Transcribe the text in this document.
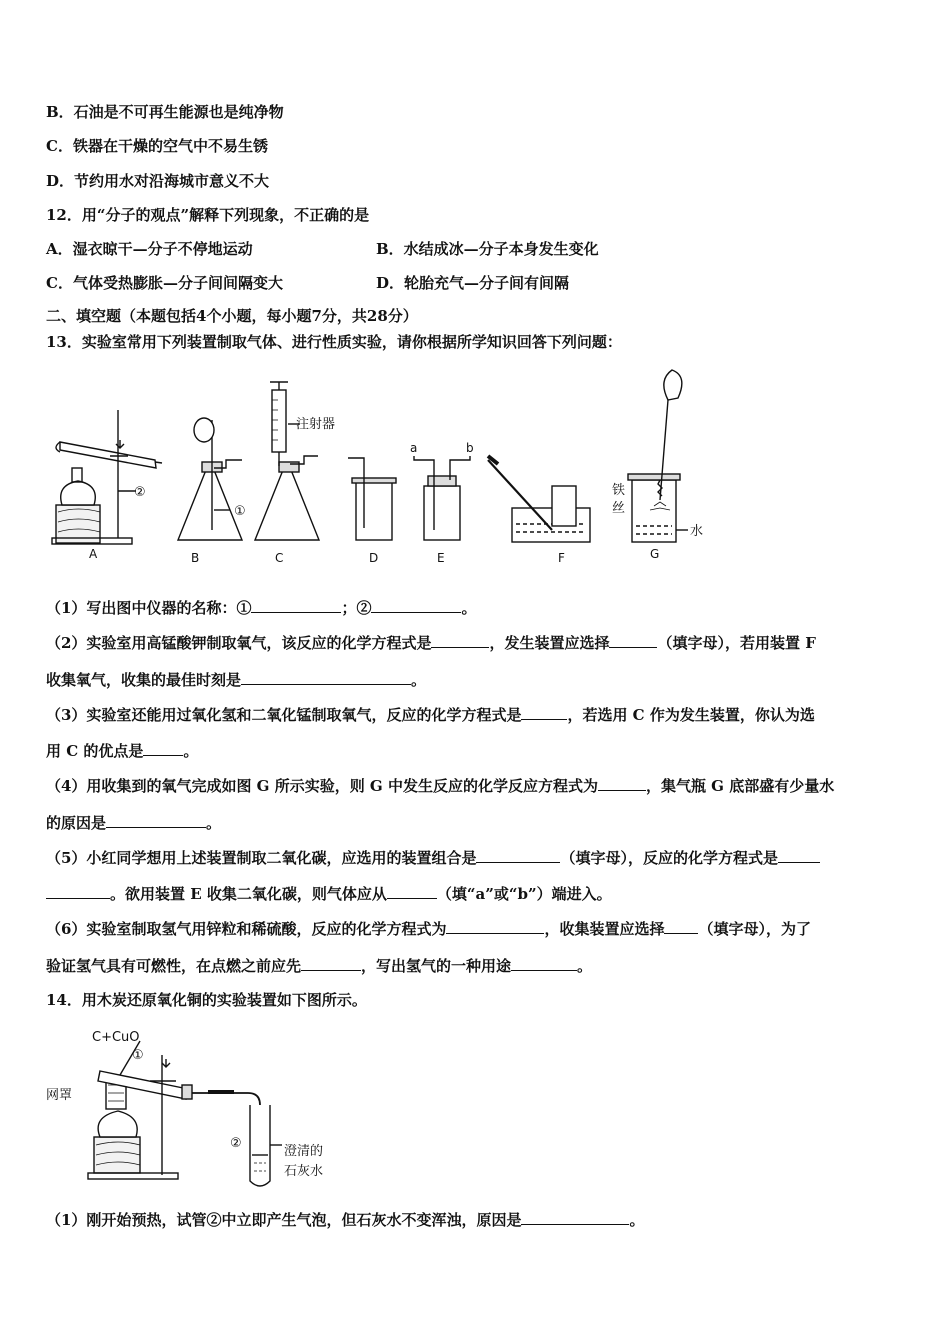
B．石油是不可再生能源也是纯净物
C．铁器在干燥的空气中不易生锈
D．节约用水对沿海城市意义不大
12．用“分子的观点”解释下列现象，不正确的是
A．湿衣晾干—分子不停地运动	B．水结成冰—分子本身发生变化
C．气体受热膨胀—分子间间隔变大	D．轮胎充气—分子间有间隔
二、填空题（本题包括4个小题，每小题7分，共28分）
13．实验室常用下列装置制取气体、进行性质实验，请你根据所学知识回答下列问题：
A	B	C	D	E	F	G
②
①
注射器
a	b
铁
丝
水
（1）写出图中仪器的名称：①	；②	。
（2）实验室用高锰酸钾制取氧气，该反应的化学方程式是	，发生装置应选择	（填字母），若用装置 F
收集氧气，收集的最佳时刻是	。
（3）实验室还能用过氧化氢和二氧化锰制取氧气，反应的化学方程式是	，若选用 C 作为发生装置，你认为选
用 C 的优点是	。
（4）用收集到的氧气完成如图 G 所示实验，则 G 中发生反应的化学反应方程式为	，集气瓶 G 底部盛有少量水
的原因是	。
（5）小红同学想用上述装置制取二氧化碳，应选用的装置组合是	（填字母），反应的化学方程式是
。欲用装置 E 收集二氧化碳，则气体应从	（填“a”或“b”）端进入。
（6）实验室制取氢气用锌粒和稀硫酸，反应的化学方程式为	，收集装置应选择 （填字母），为了
验证氢气具有可燃性，在点燃之前应先	，写出氢气的一种用途	。
14．用木炭还原氧化铜的实验装置如下图所示。
C+CuO
①
网罩
②
澄清的
石灰水
（1）刚开始预热，试管②中立即产生气泡，但石灰水不变浑浊，原因是	。
